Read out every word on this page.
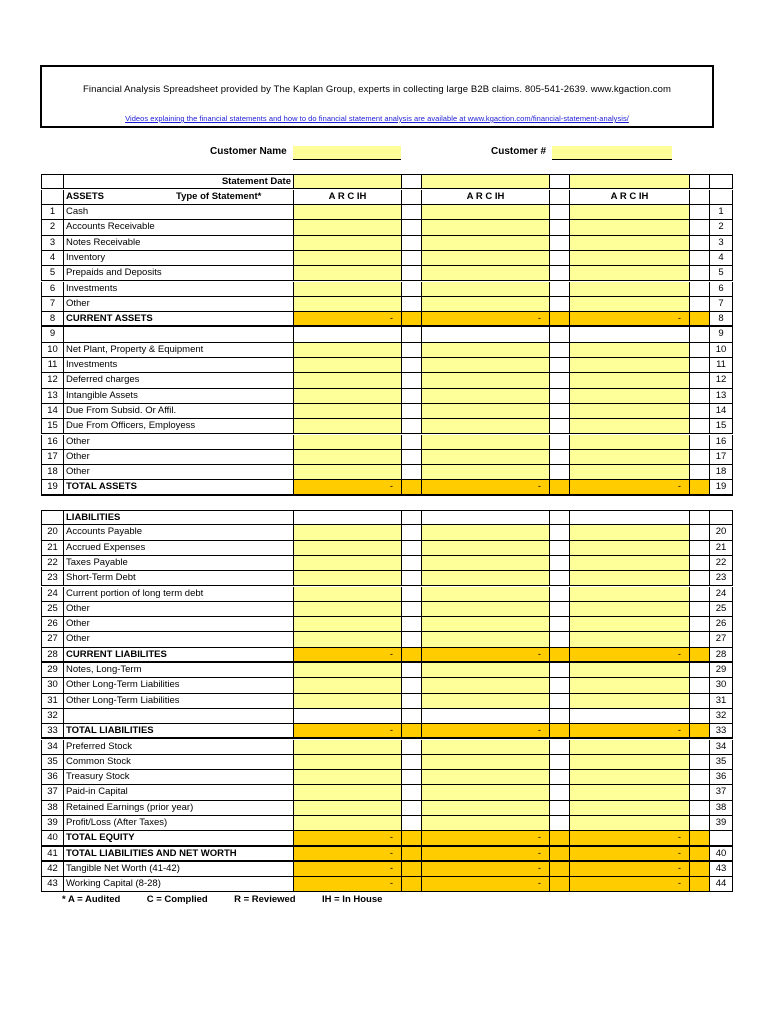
Financial Analysis Spreadsheet provided by The Kaplan Group, experts in collecting large B2B claims. 805-541-2639. www.kgaction.com
Videos explaining the financial statements and how to do financial statement analysis are available at www.kgaction.com/financial-statement-analysis/
Customer Name	Customer #
Statement Date
ASSETS	Type of Statement*	A R C IH	A R C IH	A R C IH
1	Cash	1
2	Accounts Receivable	2
3	Notes Receivable	3
4	Inventory	4
5	Prepaids and Deposits	5
6	Investments	6
7	Other	7
8	CURRENT ASSETS	-	-	-	8
9	9
10 Net Plant, Property & Equipment	10
11 Investments	11
12 Deferred charges	12
13 Intangible Assets	13
14 Due From Subsid. Or Affil.	14
15 Due From Officers, Employess	15
16 Other	16
17 Other	17
18 Other	18
19 TOTAL ASSETS	-	-	-	19
LIABILITIES
20 Accounts Payable	20
21 Accrued Expenses	21
22 Taxes Payable	22
23 Short-Term Debt	23
24 Current portion of long term debt	24
25 Other	25
26 Other	26
27 Other	27
28 CURRENT LIABILITES	-	-	-	28
29 Notes, Long-Term	29
30 Other Long-Term Liabilities	30
31 Other Long-Term Liabilities	31
32	32
33 TOTAL LIABILITIES	-	-	-	33
34 Preferred Stock	34
35 Common Stock	35
36 Treasury Stock	36
37 Paid-in Capital	37
38 Retained Earnings (prior year)	38
39 Profit/Loss (After Taxes)	39
40 TOTAL EQUITY	-	-	-
41 TOTAL LIABILITIES AND NET WORTH	-	-	-	40
42 Tangible Net Worth (41-42)	-	-	-	43
43 Working Capital (8-28)	-	-	-	44
* A = Audited          C = Complied          R = Reviewed          IH = In House
